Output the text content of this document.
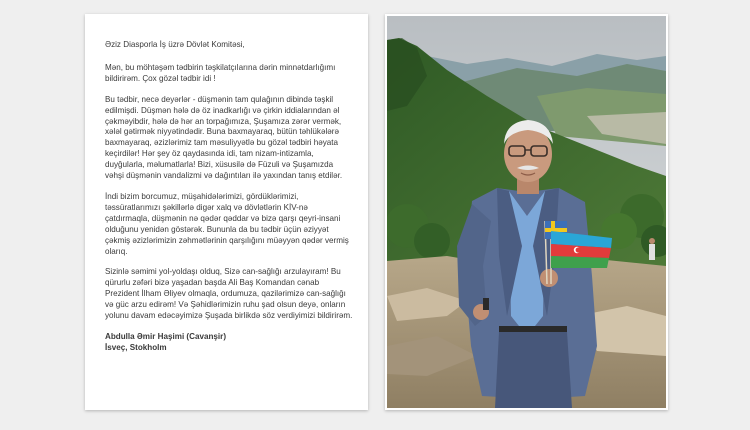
Əziz Diasporla İş üzrə Dövlət Komitəsi,

Mən, bu möhtəşəm tədbirin təşkilatçılarına dərin minnətdarlığımı bildirirəm. Çox gözəl tədbir idi !

Bu tədbir, necə deyərlər - düşmənin tam qulağının dibində təşkil edilmişdi. Düşmən hələ də öz inadkarlığı və çirkin iddialarından əl çəkməyibdir, hələ də hər an torpağımıza, Şuşamıza zərər vermək, xələl gətirmək niyyətindədir. Buna baxmayaraq, bütün təhlükələrə baxmayaraq, əzizlərimiz tam məsuliyyətlə bu gözəl tədbiri həyata keçirdilər! Hər şey öz qaydasında idi, tam nizam-intizamla, duyğularla, məlumatlarla! Bizi, xüsusilə də Füzuli və Şuşamızda vəhşi düşmənin vandalizmi və dağıntıları ilə yaxından tanış etdilər.

İndi bizim borcumuz, müşahidələrimizi, gördüklərimizi, təssüratlarımızı şəkillərlə digər xalq və dövlətlərin KİV-nə çatdırmaqla, düşmənin nə qədər qəddar və bizə qarşı qeyri-insani olduğunu yenidən göstərək. Bununla da bu tədbir üçün əziyyət çəkmiş əzizlərimizin zəhmətlərinin qarşılığını müəyyən qədər vermiş olarıq.

Sizinlə səmimi yol-yoldaşı olduq, Sizə can-sağlığı arzulayıram! Bu qürurlu zəfəri bizə yaşadan başda Ali Baş Komandan cənab Prezident İlham Əliyev olmaqla, ordumuza, qazilərimizə can-sağlığı və güc arzu edirəm! Və Şəhidlərimizin ruhu şad olsun deyə, onların yolunu davam edəcəyimizə Şuşada birlikdə söz verdiyimizi bildirirəm.

Abdulla Əmir Haşimi (Cavanşir)
İsveç, Stokholm
